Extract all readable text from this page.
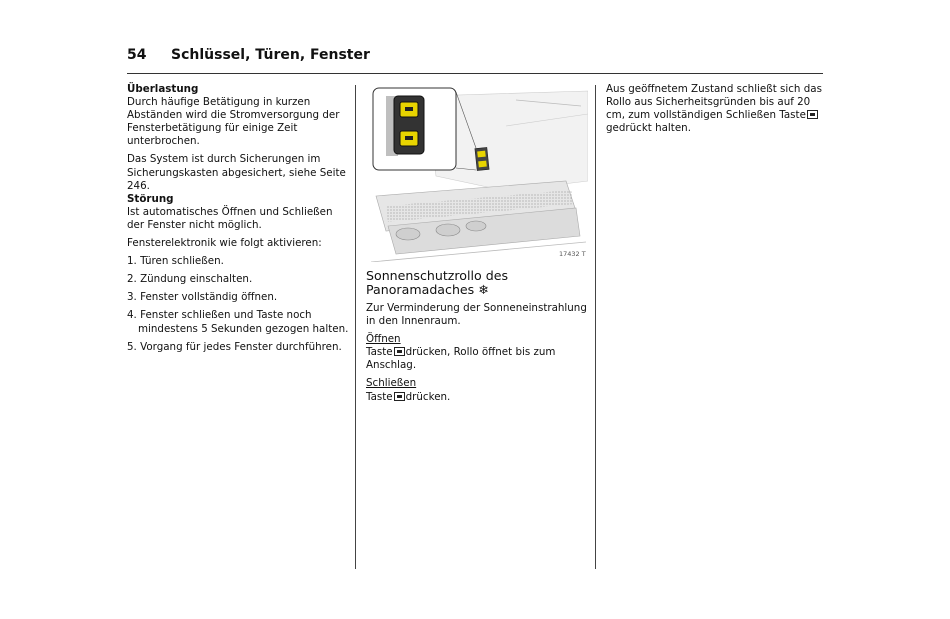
54 Schlüssel, Türen, Fenster

Überlastung

Durch häufige Betätigung in kurzen Abständen wird die Stromversorgung der Fensterbetätigung für einige Zeit unterbrochen.

Das System ist durch Sicherungen im Sicherungskasten abgesichert, siehe Seite 246.

Störung

Ist automatisches Öffnen und Schließen der Fenster nicht möglich.

Fensterelektronik wie folgt aktivieren:

1. Türen schließen.

2. Zündung einschalten.

3. Fenster vollständig öffnen.

4. Fenster schließen und Taste noch mindestens 5 Sekunden gezogen halten.

5. Vorgang für jedes Fenster durchführen.

17432 T

Sonnenschutzrollo des Panoramadaches ❄

Zur Verminderung der Sonneneinstrahlung in den Innenraum.

Öffnen

Taste drücken, Rollo öffnet bis zum Anschlag.

Schließen

Taste drücken.

Aus geöffnetem Zustand schließt sich das Rollo aus Sicherheitsgründen bis auf 20 cm, zum vollständigen Schließen Tastegedrückt halten.
